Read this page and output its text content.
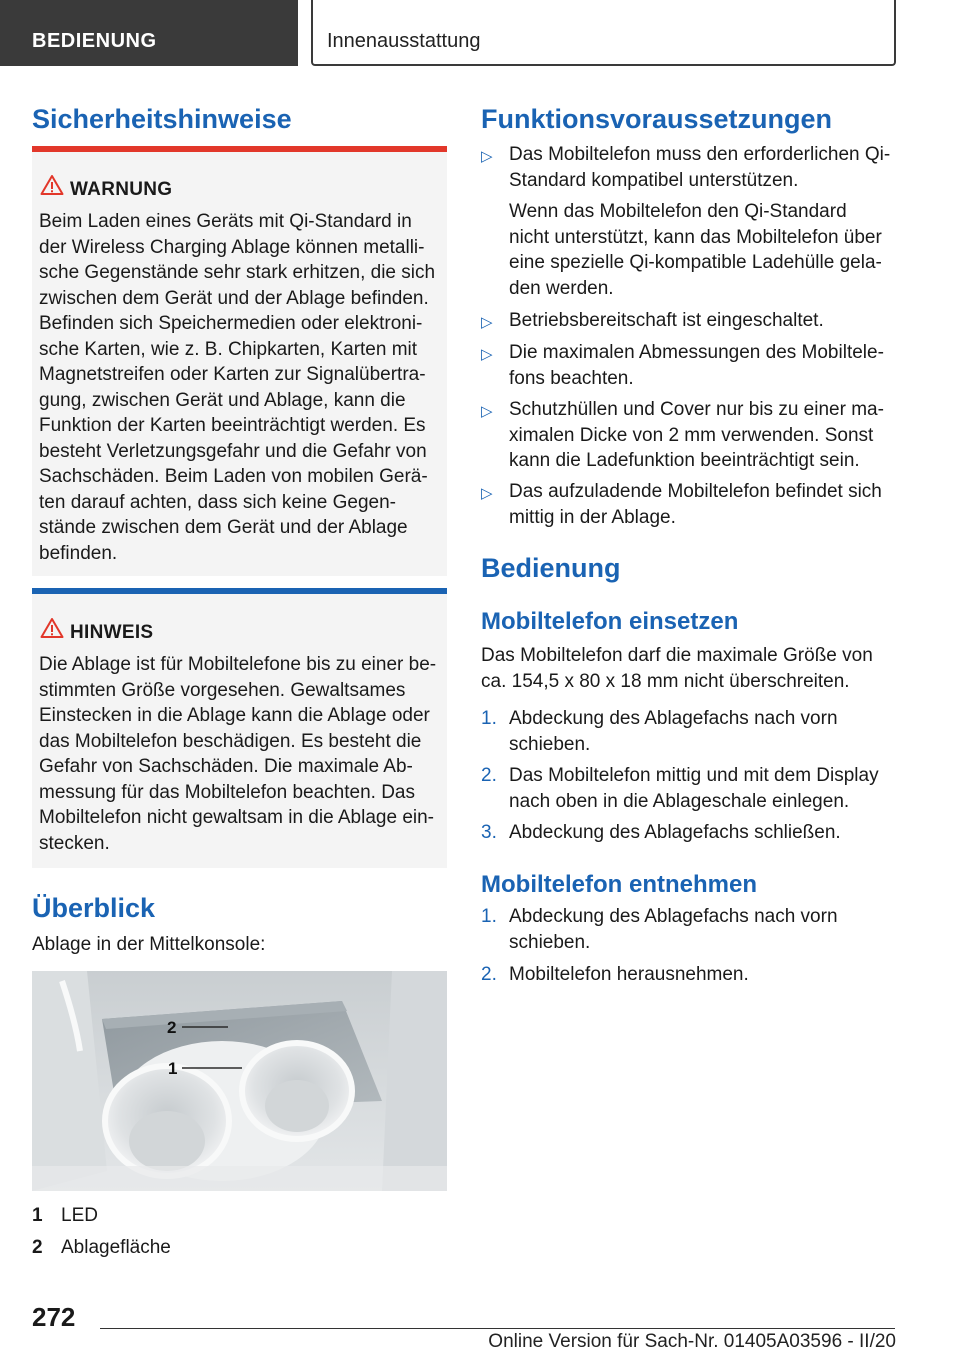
BEDIENUNG	Innenausstattung
Sicherheitshinweise
WARNUNG
Beim Laden eines Geräts mit Qi-Standard in
der Wireless Charging Ablage können metalli-
sche Gegenstände sehr stark erhitzen, die sich
zwischen dem Gerät und der Ablage befinden.
Befinden sich Speichermedien oder elektroni-
sche Karten, wie z. B. Chipkarten, Karten mit
Magnetstreifen oder Karten zur Signalübertra-
gung, zwischen Gerät und Ablage, kann die
Funktion der Karten beeinträchtigt werden. Es
besteht Verletzungsgefahr und die Gefahr von
Sachschäden. Beim Laden von mobilen Gerä-
ten darauf achten, dass sich keine Gegen-
stände zwischen dem Gerät und der Ablage
befinden.
HINWEIS
Die Ablage ist für Mobiltelefone bis zu einer be-
stimmten Größe vorgesehen. Gewaltsames
Einstecken in die Ablage kann die Ablage oder
das Mobiltelefon beschädigen. Es besteht die
Gefahr von Sachschäden. Die maximale Ab-
messung für das Mobiltelefon beachten. Das
Mobiltelefon nicht gewaltsam in die Ablage ein-
stecken.
Überblick
Ablage in der Mittelkonsole:
2
1
1 LED
2 Ablagefläche
Funktionsvoraussetzungen
▷ Das Mobiltelefon muss den erforderlichen Qi-
Standard kompatibel unterstützen.
Wenn das Mobiltelefon den Qi-Standard
nicht unterstützt, kann das Mobiltelefon über
eine spezielle Qi-kompatible Ladehülle gela-
den werden.
▷ Betriebsbereitschaft ist eingeschaltet.
▷ Die maximalen Abmessungen des Mobiltele-
fons beachten.
▷ Schutzhüllen und Cover nur bis zu einer ma-
ximalen Dicke von 2 mm verwenden. Sonst
kann die Ladefunktion beeinträchtigt sein.
▷ Das aufzuladende Mobiltelefon befindet sich
mittig in der Ablage.
Bedienung
Mobiltelefon einsetzen
Das Mobiltelefon darf die maximale Größe von
ca. 154,5 x 80 x 18 mm nicht überschreiten.
1. Abdeckung des Ablagefachs nach vorn
schieben.
2. Das Mobiltelefon mittig und mit dem Display
nach oben in die Ablageschale einlegen.
3. Abdeckung des Ablagefachs schließen.
Mobiltelefon entnehmen
1. Abdeckung des Ablagefachs nach vorn
schieben.
2. Mobiltelefon herausnehmen.
272
Online Version für Sach-Nr. 01405A03596 - II/20
